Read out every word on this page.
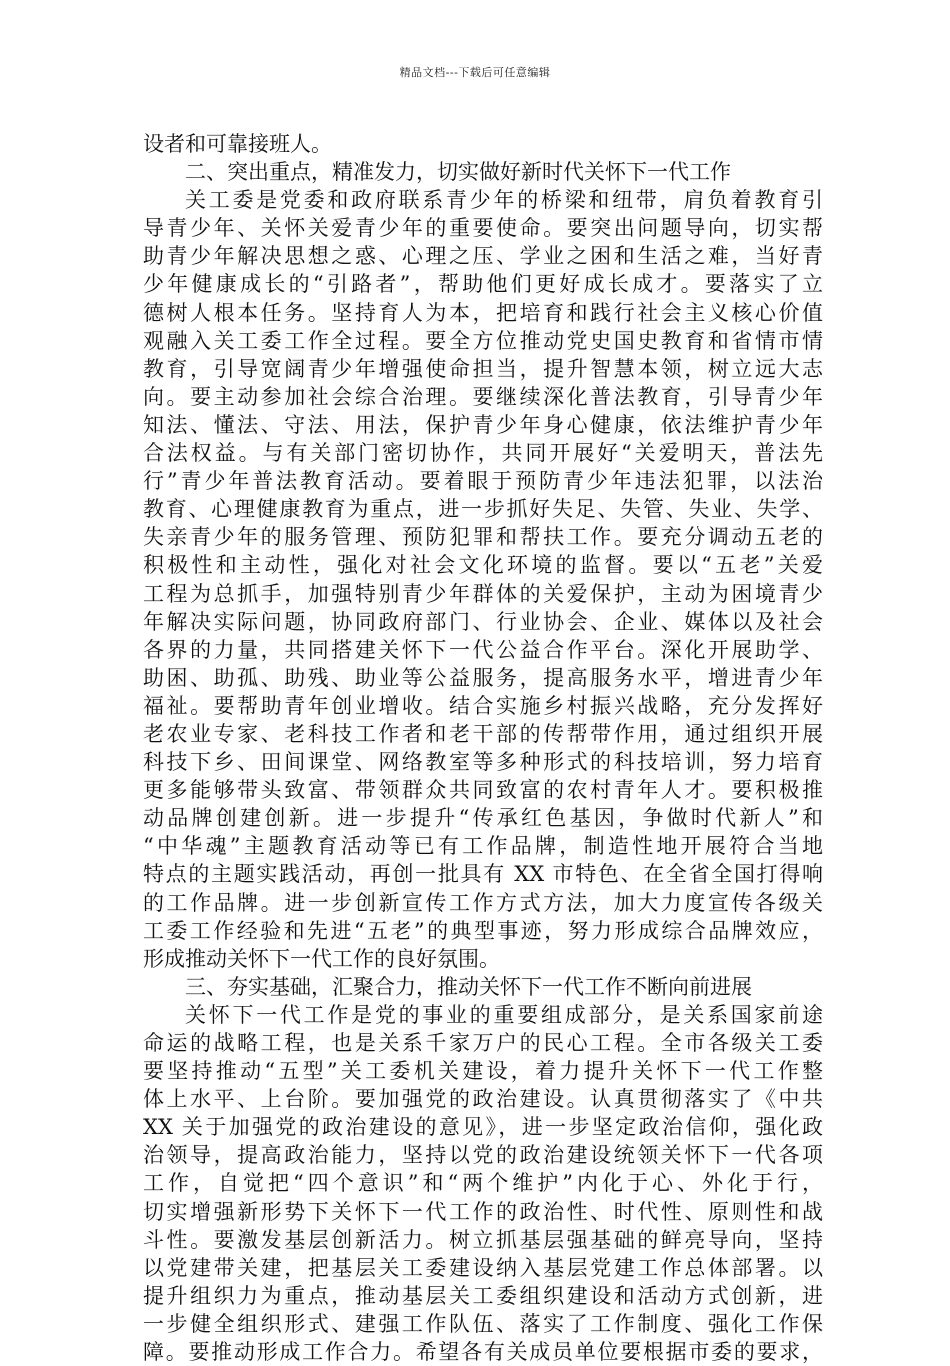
精品文档---下载后可任意编辑
设者和可靠接班人。
二、突出重点，精准发力，切实做好新时代关怀下一代工作
关工委是党委和政府联系青少年的桥梁和纽带，肩负着教育引
导青少年、关怀关爱青少年的重要使命。要突出问题导向，切实帮
助青少年解决思想之惑、心理之压、学业之困和生活之难，当好青
少年健康成长的“引路者”，帮助他们更好成长成才。要落实了立
德树人根本任务。坚持育人为本，把培育和践行社会主义核心价值
观融入关工委工作全过程。要全方位推动党史国史教育和省情市情
教育，引导宽阔青少年增强使命担当，提升智慧本领，树立远大志
向。要主动参加社会综合治理。要继续深化普法教育，引导青少年
知法、懂法、守法、用法，保护青少年身心健康，依法维护青少年
合法权益。与有关部门密切协作，共同开展好“关爱明天，普法先
行”青少年普法教育活动。要着眼于预防青少年违法犯罪，以法治
教育、心理健康教育为重点，进一步抓好失足、失管、失业、失学、
失亲青少年的服务管理、预防犯罪和帮扶工作。要充分调动五老的
积极性和主动性，强化对社会文化环境的监督。要以“五老”关爱
工程为总抓手，加强特别青少年群体的关爱保护，主动为困境青少
年解决实际问题，协同政府部门、行业协会、企业、媒体以及社会
各界的力量，共同搭建关怀下一代公益合作平台。深化开展助学、
助困、助孤、助残、助业等公益服务，提高服务水平，增进青少年
福祉。要帮助青年创业增收。结合实施乡村振兴战略，充分发挥好
老农业专家、老科技工作者和老干部的传帮带作用，通过组织开展
科技下乡、田间课堂、网络教室等多种形式的科技培训，努力培育
更多能够带头致富、带领群众共同致富的农村青年人才。要积极推
动品牌创建创新。进一步提升“传承红色基因，争做时代新人”和
“中华魂”主题教育活动等已有工作品牌，制造性地开展符合当地
特点的主题实践活动，再创一批具有 XX 市特色、在全省全国打得响
的工作品牌。进一步创新宣传工作方式方法，加大力度宣传各级关
工委工作经验和先进“五老”的典型事迹，努力形成综合品牌效应，
形成推动关怀下一代工作的良好氛围。
三、夯实基础，汇聚合力，推动关怀下一代工作不断向前进展
关怀下一代工作是党的事业的重要组成部分，是关系国家前途
命运的战略工程，也是关系千家万户的民心工程。全市各级关工委
要坚持推动“五型”关工委机关建设，着力提升关怀下一代工作整
体上水平、上台阶。要加强党的政治建设。认真贯彻落实了《中共
XX 关于加强党的政治建设的意见》，进一步坚定政治信仰，强化政
治领导，提高政治能力，坚持以党的政治建设统领关怀下一代各项
工作，自觉把“四个意识”和“两个维护”内化于心、外化于行，
切实增强新形势下关怀下一代工作的政治性、时代性、原则性和战
斗性。要激发基层创新活力。树立抓基层强基础的鲜亮导向，坚持
以党建带关建，把基层关工委建设纳入基层党建工作总体部署。以
提升组织力为重点，推动基层关工委组织建设和活动方式创新，进
一步健全组织形式、建强工作队伍、落实了工作制度、强化工作保
障。要推动形成工作合力。希望各有关成员单位要根据市委的要求，
